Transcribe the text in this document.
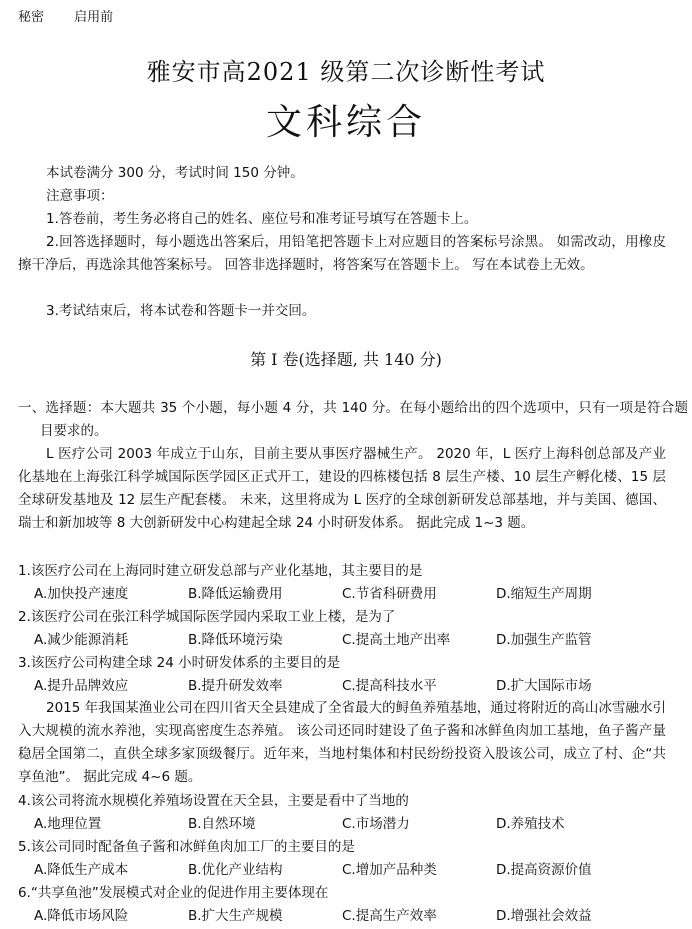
秘密 启用前
雅安市高2021 级第二次诊断性考试
文科综合
本试卷满分 300 分，考试时间 150 分钟。
注意事项：
1.答卷前，考生务必将自己的姓名、座位号和准考证号填写在答题卡上。
2.回答选择题时，每小题选出答案后，用铅笔把答题卡上对应题目的答案标号涂黑。 如需改动，用橡皮擦干净后，再选涂其他答案标号。 回答非选择题时，将答案写在答题卡上。 写在本试卷上无效。
3.考试结束后，将本试卷和答题卡一并交回。
第 I 卷(选择题, 共 140 分)
一、选择题：本大题共 35 个小题，每小题 4 分，共 140 分。在每小题给出的四个选项中，只有一项是符合题目要求的。
L 医疗公司 2003 年成立于山东，目前主要从事医疗器械生产。 2020 年，L 医疗上海科创总部及产业化基地在上海张江科学城国际医学园区正式开工，建设的四栋楼包括 8 层生产楼、10 层生产孵化楼、15 层全球研发基地及 12 层生产配套楼。 未来，这里将成为 L 医疗的全球创新研发总部基地，并与美国、德国、瑞士和新加坡等 8 大创新研发中心构建起全球 24 小时研发体系。 据此完成 1~3 题。
1.该医疗公司在上海同时建立研发总部与产业化基地，其主要目的是
A.加快投产速度	B.降低运输费用	C.节省科研费用	D.缩短生产周期
2.该医疗公司在张江科学城国际医学园内采取工业上楼，是为了
A.减少能源消耗	B.降低环境污染	C.提高土地产出率	D.加强生产监管
3.该医疗公司构建全球 24 小时研发体系的主要目的是
A.提升品牌效应	B.提升研发效率	C.提高科技水平	D.扩大国际市场
2015 年我国某渔业公司在四川省天全县建成了全省最大的鲟鱼养殖基地，通过将附近的高山冰雪融水引入大规模的流水养池，实现高密度生态养殖。 该公司还同时建设了鱼子酱和冰鲜鱼肉加工基地，鱼子酱产量稳居全国第二，直供全球多家顶级餐厅。近年来，当地村集体和村民纷纷投资入股该公司，成立了村、企“共享鱼池”。 据此完成 4~6 题。
4.该公司将流水规模化养殖场设置在天全县，主要是看中了当地的
A.地理位置	B.自然环境	C.市场潜力	D.养殖技术
5.该公司同时配备鱼子酱和冰鲜鱼肉加工厂的主要目的是
A.降低生产成本	B.优化产业结构	C.增加产品种类	D.提高资源价值
6.“共享鱼池”发展模式对企业的促进作用主要体现在
A.降低市场风险	B.扩大生产规模	C.提高生产效率	D.增强社会效益
